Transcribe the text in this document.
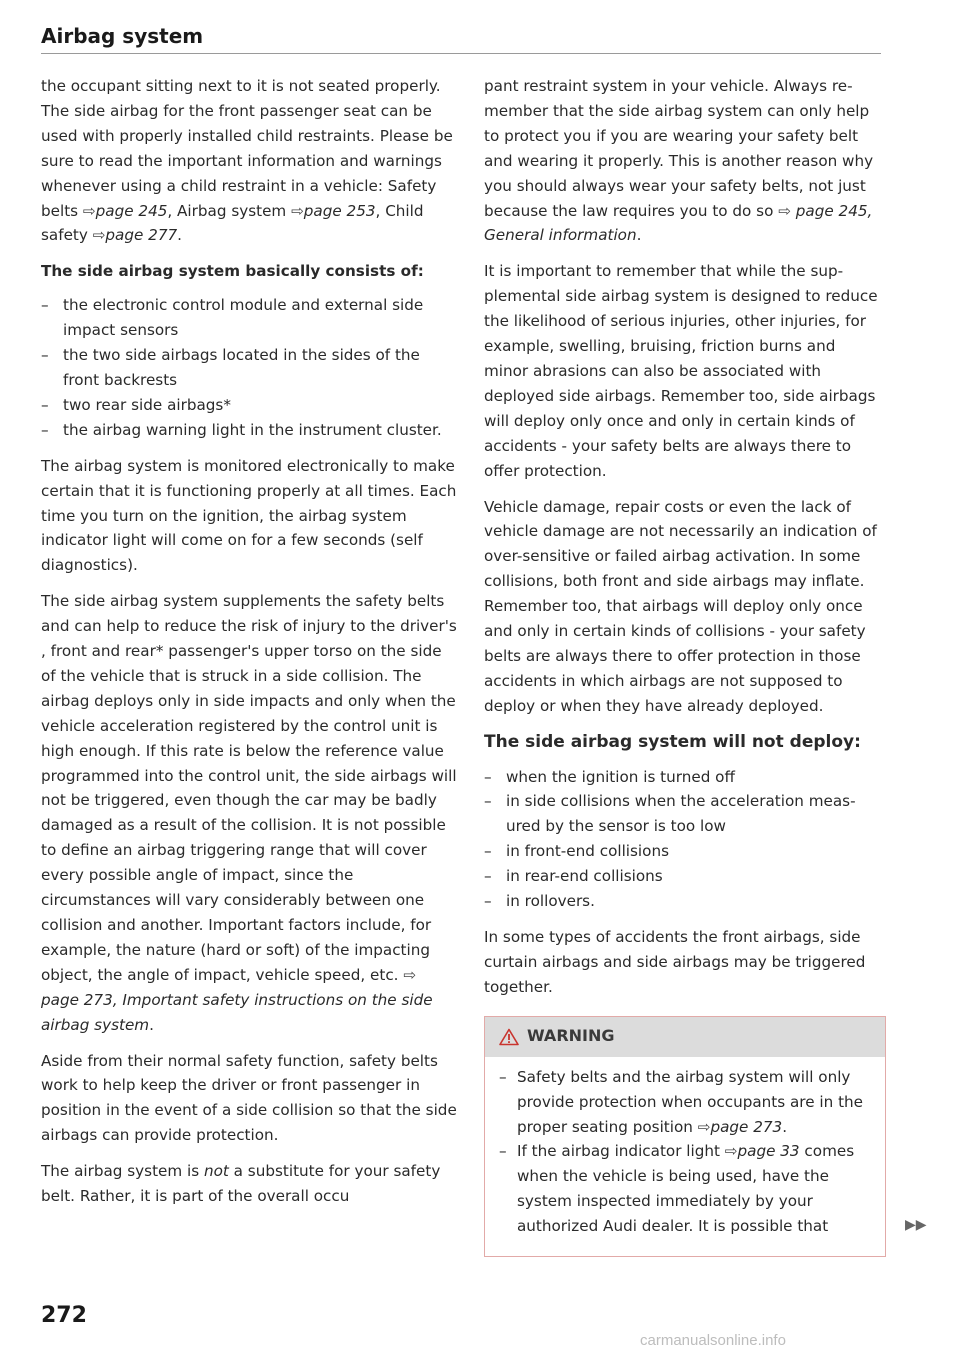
Airbag system

the occupant sitting next to it is not seated properly. The side airbag for the front passenger seat can be used with properly installed child restraints. Please be sure to read the important information and warnings whenever using a child restraint in a vehicle: Safety belts ⇨page 245, Airbag system ⇨page 253, Child safety ⇨page 277.

The side airbag system basically consists of:

– the electronic control module and external side impact sensors
– the two side airbags located in the sides of the front backrests
– two rear side airbags*
– the airbag warning light in the instrument cluster.

The airbag system is monitored electronically to make certain that it is functioning properly at all times. Each time you turn on the ignition, the airbag system indicator light will come on for a few seconds (self diagnostics).

The side airbag system supplements the safety belts and can help to reduce the risk of injury to the driver's , front and rear* passenger's upper torso on the side of the vehicle that is struck in a side collision. The airbag deploys only in side impacts and only when the vehicle acceleration registered by the control unit is high enough. If this rate is below the reference value programmed into the control unit, the side airbags will not be triggered, even though the car may be badly damaged as a result of the collision. It is not possible to define an airbag triggering range that will cover every possible angle of impact, since the circumstances will vary considerably between one collision and another. Important factors include, for example, the nature (hard or soft) of the impacting object, the angle of impact, vehicle speed, etc. ⇨ page 273, Important safety instructions on the side airbag system.

Aside from their normal safety function, safety belts work to help keep the driver or front passenger in position in the event of a side collision so that the side airbags can provide protection.

The airbag system is not a substitute for your safety belt. Rather, it is part of the overall occu

pant restraint system in your vehicle. Always remember that the side airbag system can only help to protect you if you are wearing your safety belt and wearing it properly. This is another reason why you should always wear your safety belts, not just because the law requires you to do so ⇨ page 245, General information.

It is important to remember that while the supplemental side airbag system is designed to reduce the likelihood of serious injuries, other injuries, for example, swelling, bruising, friction burns and minor abrasions can also be associated with deployed side airbags. Remember too, side airbags will deploy only once and only in certain kinds of accidents - your safety belts are always there to offer protection.

Vehicle damage, repair costs or even the lack of vehicle damage are not necessarily an indication of over-sensitive or failed airbag activation. In some collisions, both front and side airbags may inflate. Remember too, that airbags will deploy only once and only in certain kinds of collisions - your safety belts are always there to offer protection in those accidents in which airbags are not supposed to deploy or when they have already deployed.

The side airbag system will not deploy:

– when the ignition is turned off
– in side collisions when the acceleration measured by the sensor is too low
– in front-end collisions
– in rear-end collisions
– in rollovers.

In some types of accidents the front airbags, side curtain airbags and side airbags may be triggered together.

WARNING
– Safety belts and the airbag system will only provide protection when occupants are in the proper seating position ⇨page 273.
– If the airbag indicator light ⇨page 33 comes when the vehicle is being used, have the system inspected immediately by your authorized Audi dealer. It is possible that	▶▶
272
carmanualsonline.info
